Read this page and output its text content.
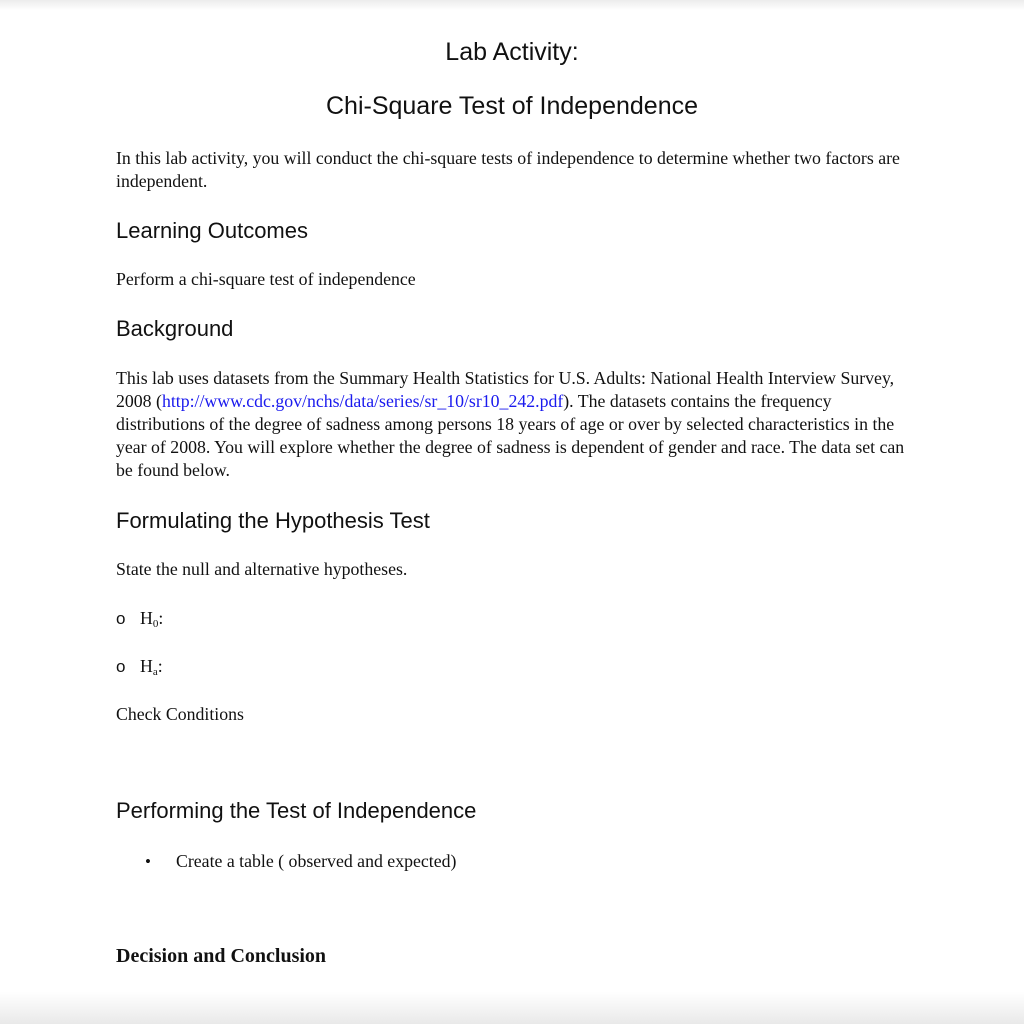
Lab Activity:
Chi-Square Test of Independence
In this lab activity, you will conduct the chi-square tests of independence to determine whether two factors are independent.
Learning Outcomes
Perform a chi-square test of independence
Background
This lab uses datasets from the Summary Health Statistics for U.S. Adults: National Health Interview Survey, 2008 (http://www.cdc.gov/nchs/data/series/sr_10/sr10_242.pdf). The datasets contains the frequency distributions of the degree of sadness among persons 18 years of age or over by selected characteristics in the year of 2008. You will explore whether the degree of sadness is dependent of gender and race. The data set can be found below.
Formulating the Hypothesis Test
State the null and alternative hypotheses.
o $H_0$:
o $H_a$:
Check Conditions
Performing the Test of Independence
• Create a table ( observed and expected)
Decision and Conclusion
